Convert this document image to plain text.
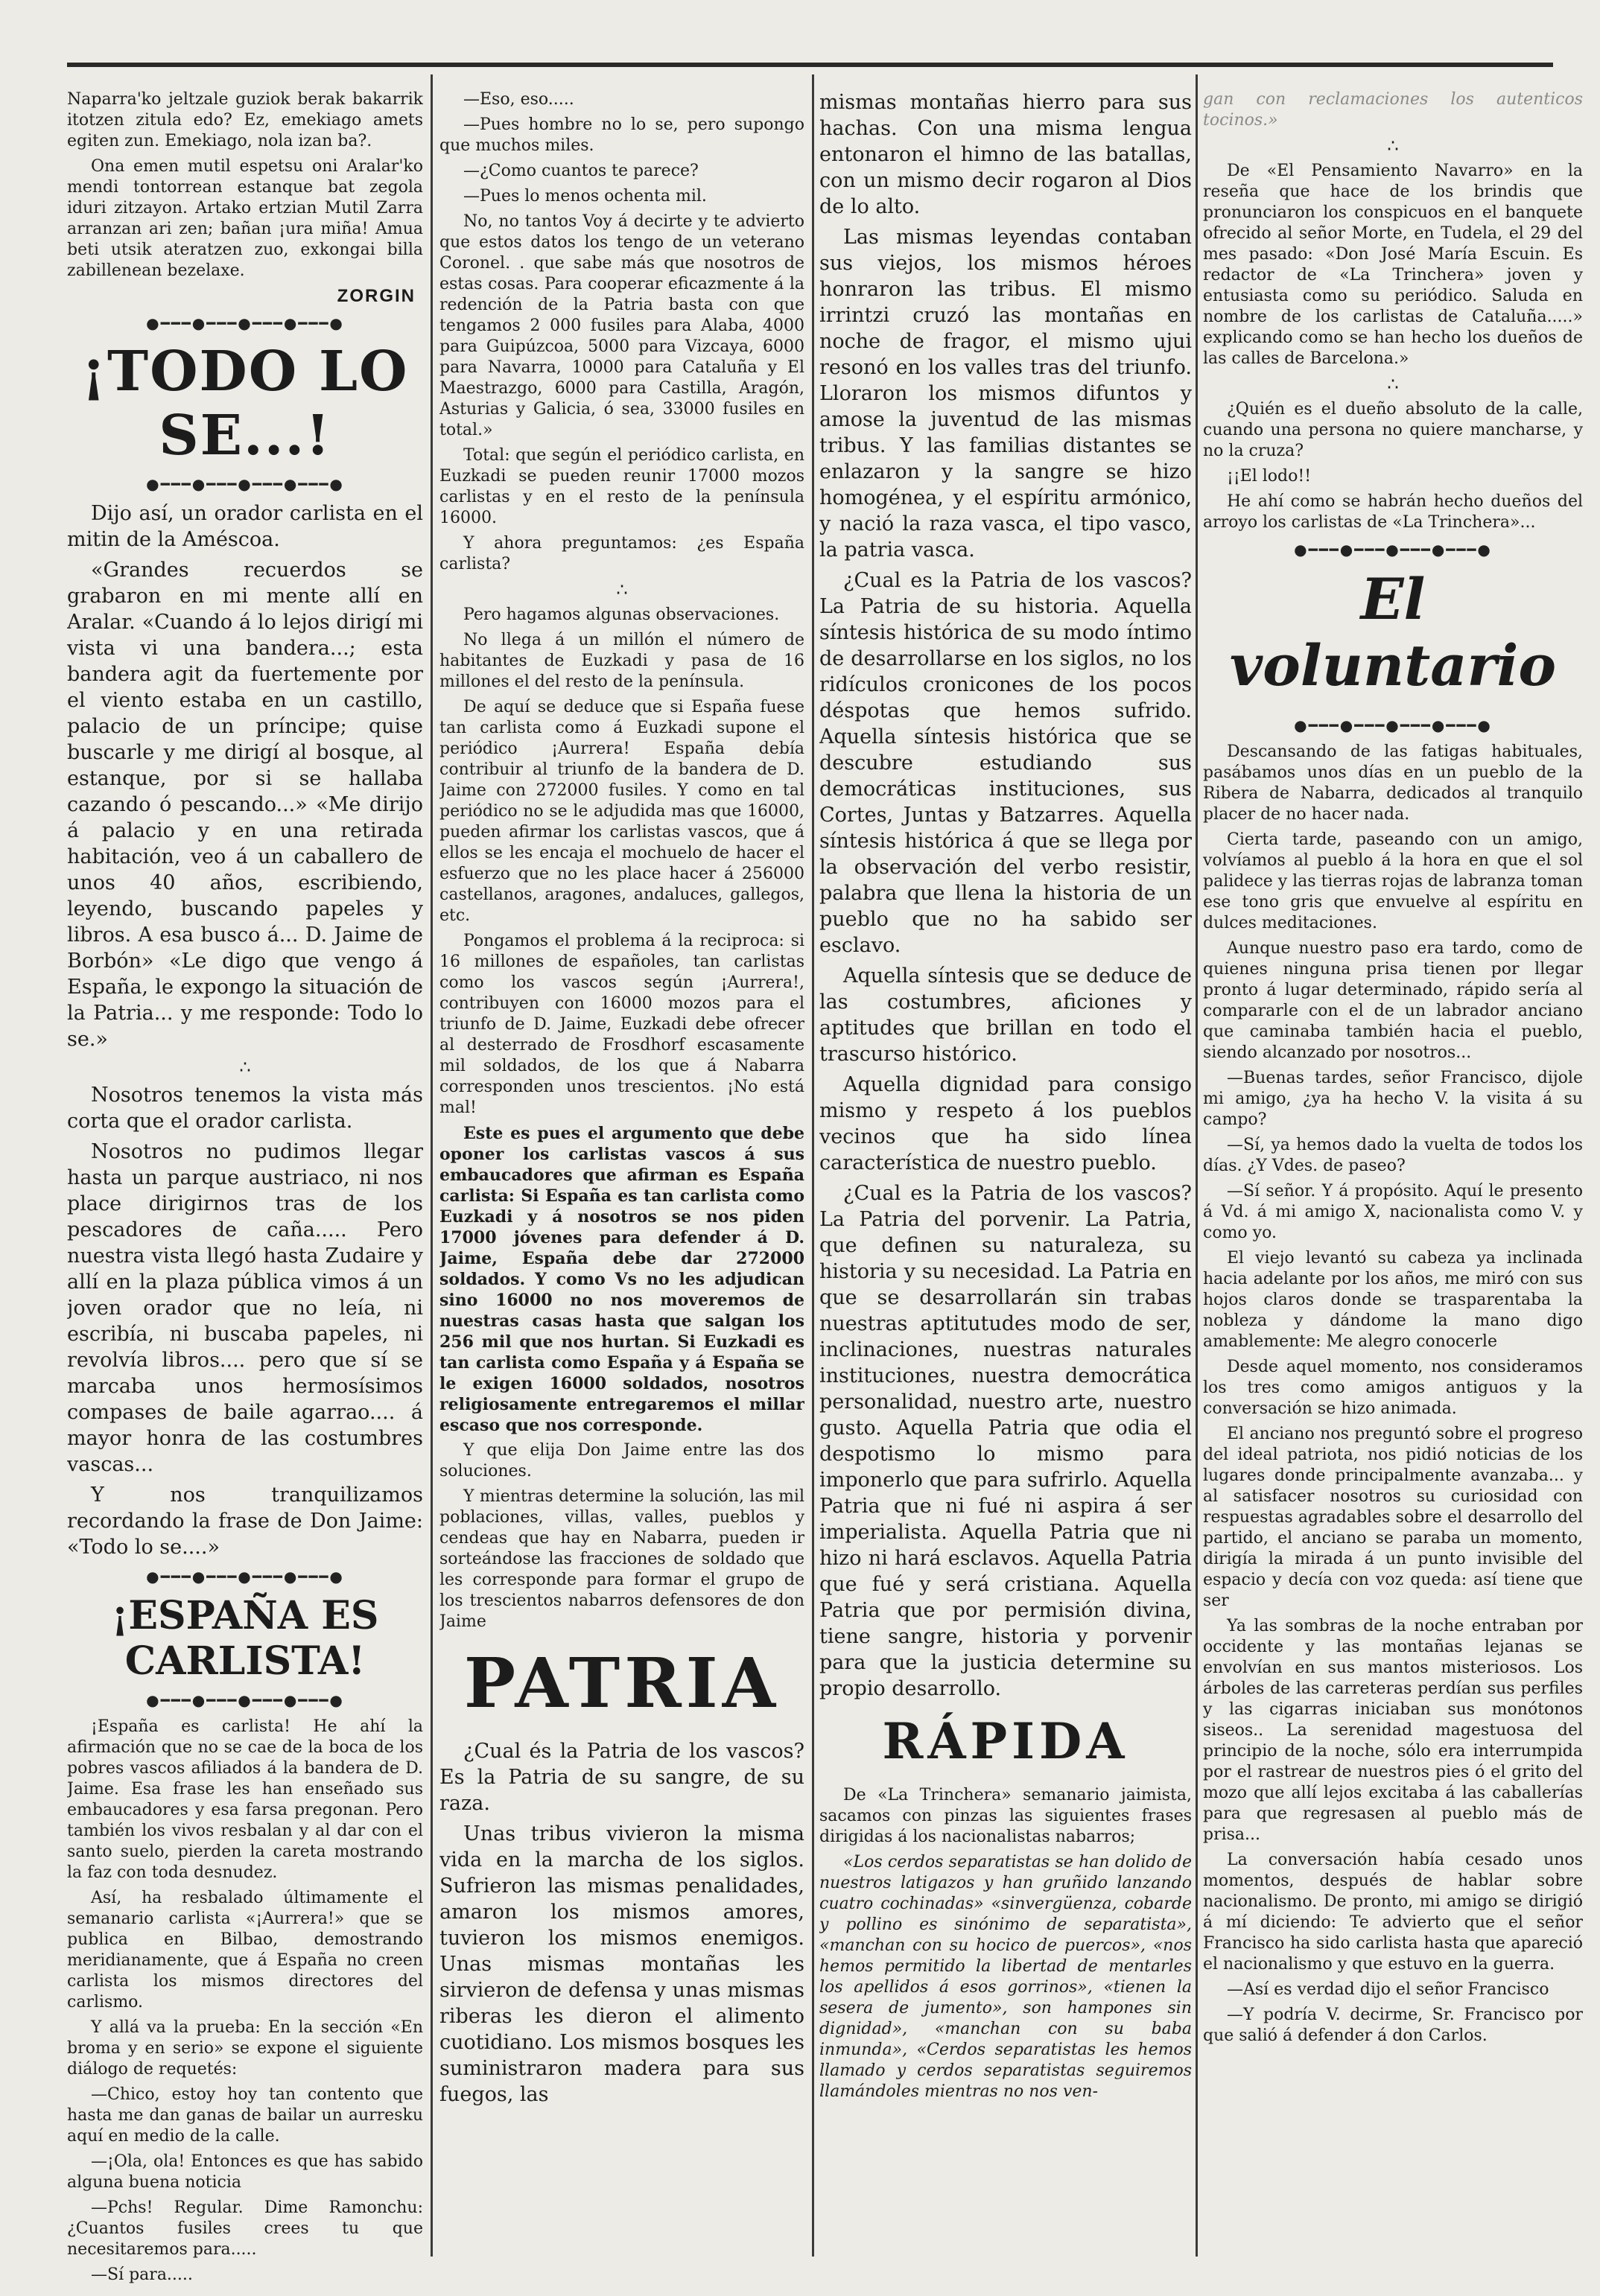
Naparra'ko jeltzale guziok berak bakarrik itotzen zitula edo? Ez, emekiago amets egiten zun. Emekiago, nola izan ba?.

Ona emen mutil espetsu oni Aralar'ko mendi tontorrean estanque bat zegola iduri zitzayon. Artako ertzian Mutil Zarra arranzan ari zen; bañan ¡ura miña! Amua beti utsik ateratzen zuo, exkongai billa zabillenean bezelaxe.

ZORGIN
●━━━●━━━●━━━●━━━●
¡TODO LO SE...!
●━━━●━━━●━━━●━━━●

Dijo así, un orador carlista en el mitin de la Améscoa.

«Grandes recuerdos se grabaron en mi mente allí en Aralar. «Cuando á lo lejos dirigí mi vista vi una bandera...; esta bandera agit da fuertemente por el viento estaba en un castillo, palacio de un príncipe; quise buscarle y me dirigí al bosque, al estanque, por si se hallaba cazando ó pescando...» «Me dirijo á palacio y en una retirada habitación, veo á un caballero de unos 40 años, escribiendo, leyendo, buscando papeles y libros. A esa busco á... D. Jaime de Borbón» «Le digo que vengo á España, le expongo la situación de la Patria... y me responde: Todo lo se.»

∴

Nosotros tenemos la vista más corta que el orador carlista.

Nosotros no pudimos llegar hasta un parque austriaco, ni nos place dirigirnos tras de los pescadores de caña..... Pero nuestra vista llegó hasta Zudaire y allí en la plaza pública vimos á un joven orador que no leía, ni escribía, ni buscaba papeles, ni revolvía libros.... pero que sí se marcaba unos hermosísimos compases de baile agarrao.... á mayor honra de las costumbres vascas...

Y nos tranquilizamos recordando la frase de Don Jaime: «Todo lo se....»

●━━━●━━━●━━━●━━━●
¡ESPAÑA ES CARLISTA!
●━━━●━━━●━━━●━━━●

¡España es carlista! He ahí la afirmación que no se cae de la boca de los pobres vascos afiliados á la bandera de D. Jaime. Esa frase les han enseñado sus embaucadores y esa farsa pregonan. Pero también los vivos resbalan y al dar con el santo suelo, pierden la careta mostrando la faz con toda desnudez.

Así, ha resbalado últimamente el semanario carlista «¡Aurrera!» que se publica en Bilbao, demostrando meridianamente, que á España no creen carlista los mismos directores del carlismo.

Y allá va la prueba: En la sección «En broma y en serio» se expone el siguiente diálogo de requetés:

—Chico, estoy hoy tan contento que hasta me dan ganas de bailar un aurresku aquí en medio de la calle.

—¡Ola, ola! Entonces es que has sabido alguna buena noticia

—Pchs! Regular. Dime Ramonchu: ¿Cuantos fusiles crees tu que necesitaremos para.....

—Sí para.....

—Eso, eso.....

—Pues hombre no lo se, pero supongo que muchos miles.

—¿Como cuantos te parece?

—Pues lo menos ochenta mil.

No, no tantos Voy á decirte y te advierto que estos datos los tengo de un veterano Coronel. . que sabe más que nosotros de estas cosas. Para cooperar eficazmente á la redención de la Patria basta con que tengamos 2 000 fusiles para Alaba, 4000 para Guipúzcoa, 5000 para Vizcaya, 6000 para Navarra, 10000 para Cataluña y El Maestrazgo, 6000 para Castilla, Aragón, Asturias y Galicia, ó sea, 33000 fusiles en total.»

Total: que según el periódico carlista, en Euzkadi se pueden reunir 17000 mozos carlistas y en el resto de la península 16000.

Y ahora preguntamos: ¿es España carlista?

∴

Pero hagamos algunas observaciones.

No llega á un millón el número de habitantes de Euzkadi y pasa de 16 millones el del resto de la península.

De aquí se deduce que si España fuese tan carlista como á Euzkadi supone el periódico ¡Aurrera! España debía contribuir al triunfo de la bandera de D. Jaime con 272000 fusiles. Y como en tal periódico no se le adjudida mas que 16000, pueden afirmar los carlistas vascos, que á ellos se les encaja el mochuelo de hacer el esfuerzo que no les place hacer á 256000 castellanos, aragones, andaluces, gallegos, etc.

Pongamos el problema á la reciproca: si 16 millones de españoles, tan carlistas como los vascos según ¡Aurrera!, contribuyen con 16000 mozos para el triunfo de D. Jaime, Euzkadi debe ofrecer al desterrado de Frosdhorf escasamente mil soldados, de los que á Nabarra corresponden unos trescientos. ¡No está mal!

Este es pues el argumento que debe oponer los carlistas vascos á sus embaucadores que afirman es España carlista: Si España es tan carlista como Euzkadi y á nosotros se nos piden 17000 jóvenes para defender á D. Jaime, España debe dar 272000 soldados. Y como Vs no les adjudican sino 16000 no nos moveremos de nuestras casas hasta que salgan los 256 mil que nos hurtan. Si Euzkadi es tan carlista como España y á España se le exigen 16000 soldados, nosotros religiosamente entregaremos el millar escaso que nos corresponde.

Y que elija Don Jaime entre las dos soluciones.

Y mientras determine la solución, las mil poblaciones, villas, valles, pueblos y cendeas que hay en Nabarra, pueden ir sorteándose las fracciones de soldado que les corresponde para formar el grupo de los trescientos nabarros defensores de don Jaime

PATRIA

¿Cual és la Patria de los vascos? Es la Patria de su sangre, de su raza.

Unas tribus vivieron la misma vida en la marcha de los siglos. Sufrieron las mismas penalidades, amaron los mismos amores, tuvieron los mismos enemigos. Unas mismas montañas les sirvieron de defensa y unas mismas riberas les dieron el alimento cuotidiano. Los mismos bosques les suministraron madera para sus fuegos, las

mismas montañas hierro para sus hachas. Con una misma lengua entonaron el himno de las batallas, con un mismo decir rogaron al Dios de lo alto.

Las mismas leyendas contaban sus viejos, los mismos héroes honraron las tribus. El mismo irrintzi cruzó las montañas en noche de fragor, el mismo ujui resonó en los valles tras del triunfo. Lloraron los mismos difuntos y amose la juventud de las mismas tribus. Y las familias distantes se enlazaron y la sangre se hizo homogénea, y el espíritu armónico, y nació la raza vasca, el tipo vasco, la patria vasca.

¿Cual es la Patria de los vascos? La Patria de su historia. Aquella síntesis histórica de su modo íntimo de desarrollarse en los siglos, no los ridículos cronicones de los pocos déspotas que hemos sufrido. Aquella síntesis histórica que se descubre estudiando sus democráticas instituciones, sus Cortes, Juntas y Batzarres. Aquella síntesis histórica á que se llega por la observación del verbo resistir, palabra que llena la historia de un pueblo que no ha sabido ser esclavo.

Aquella síntesis que se deduce de las costumbres, aficiones y aptitudes que brillan en todo el trascurso histórico.

Aquella dignidad para consigo mismo y respeto á los pueblos vecinos que ha sido línea característica de nuestro pueblo.

¿Cual es la Patria de los vascos? La Patria del porvenir. La Patria, que definen su naturaleza, su historia y su necesidad. La Patria en que se desarrollarán sin trabas nuestras aptitutudes modo de ser, inclinaciones, nuestras naturales instituciones, nuestra democrática personalidad, nuestro arte, nuestro gusto. Aquella Patria que odia el despotismo lo mismo para imponerlo que para sufrirlo. Aquella Patria que ni fué ni aspira á ser imperialista. Aquella Patria que ni hizo ni hará esclavos. Aquella Patria que fué y será cristiana. Aquella Patria que por permisión divina, tiene sangre, historia y porvenir para que la justicia determine su propio desarrollo.

RÁPIDA

De «La Trinchera» semanario jaimista, sacamos con pinzas las siguientes frases dirigidas á los nacionalistas nabarros;

«Los cerdos separatistas se han dolido de nuestros latigazos y han gruñido lanzando cuatro cochinadas» «sinvergüenza, cobarde y pollino es sinónimo de separatista», «manchan con su hocico de puercos», «nos hemos permitido la libertad de mentarles los apellidos á esos gorrinos», «tienen la sesera de jumento», son hampones sin dignidad», «manchan con su baba inmunda», «Cerdos separatistas les hemos llamado y cerdos separatistas seguiremos llamándoles mientras no nos ven-

gan con reclamaciones los autenticos tocinos.»

∴

De «El Pensamiento Navarro» en la reseña que hace de los brindis que pronunciaron los conspicuos en el banquete ofrecido al señor Morte, en Tudela, el 29 del mes pasado: «Don José María Escuin. Es redactor de «La Trinchera» joven y entusiasta como su periódico. Saluda en nombre de los carlistas de Cataluña.....» explicando como se han hecho los dueños de las calles de Barcelona.»

∴

¿Quién es el dueño absoluto de la calle, cuando una persona no quiere mancharse, y no la cruza?

¡¡El lodo!!

He ahí como se habrán hecho dueños del arroyo los carlistas de «La Trinchera»...

●━━━●━━━●━━━●━━━●
El voluntario
●━━━●━━━●━━━●━━━●

Descansando de las fatigas habituales, pasábamos unos días en un pueblo de la Ribera de Nabarra, dedicados al tranquilo placer de no hacer nada.

Cierta tarde, paseando con un amigo, volvíamos al pueblo á la hora en que el sol palidece y las tierras rojas de labranza toman ese tono gris que envuelve al espíritu en dulces meditaciones.

Aunque nuestro paso era tardo, como de quienes ninguna prisa tienen por llegar pronto á lugar determinado, rápido sería al compararle con el de un labrador anciano que caminaba también hacia el pueblo, siendo alcanzado por nosotros...

—Buenas tardes, señor Francisco, dijole mi amigo, ¿ya ha hecho V. la visita á su campo?

—Sí, ya hemos dado la vuelta de todos los días. ¿Y Vdes. de paseo?

—Sí señor. Y á propósito. Aquí le presento á Vd. á mi amigo X, nacionalista como V. y como yo.

El viejo levantó su cabeza ya inclinada hacia adelante por los años, me miró con sus hojos claros donde se trasparentaba la nobleza y dándome la mano digo amablemente: Me alegro conocerle

Desde aquel momento, nos consideramos los tres como amigos antiguos y la conversación se hizo animada.

El anciano nos preguntó sobre el progreso del ideal patriota, nos pidió noticias de los lugares donde principalmente avanzaba... y al satisfacer nosotros su curiosidad con respuestas agradables sobre el desarrollo del partido, el anciano se paraba un momento, dirigía la mirada á un punto invisible del espacio y decía con voz queda: así tiene que ser

Ya las sombras de la noche entraban por occidente y las montañas lejanas se envolvían en sus mantos misteriosos. Los árboles de las carreteras perdían sus perfiles y las cigarras iniciaban sus monótonos siseos.. La serenidad magestuosa del principio de la noche, sólo era interrumpida por el rastrear de nuestros pies ó el grito del mozo que allí lejos excitaba á las caballerías para que regresasen al pueblo más de prisa...

La conversación había cesado unos momentos, después de hablar sobre nacionalismo. De pronto, mi amigo se dirigió á mí diciendo: Te advierto que el señor Francisco ha sido carlista hasta que apareció el nacionalismo y que estuvo en la guerra.

—Así es verdad dijo el señor Francisco

—Y podría V. decirme, Sr. Francisco por que salió á defender á don Carlos.
